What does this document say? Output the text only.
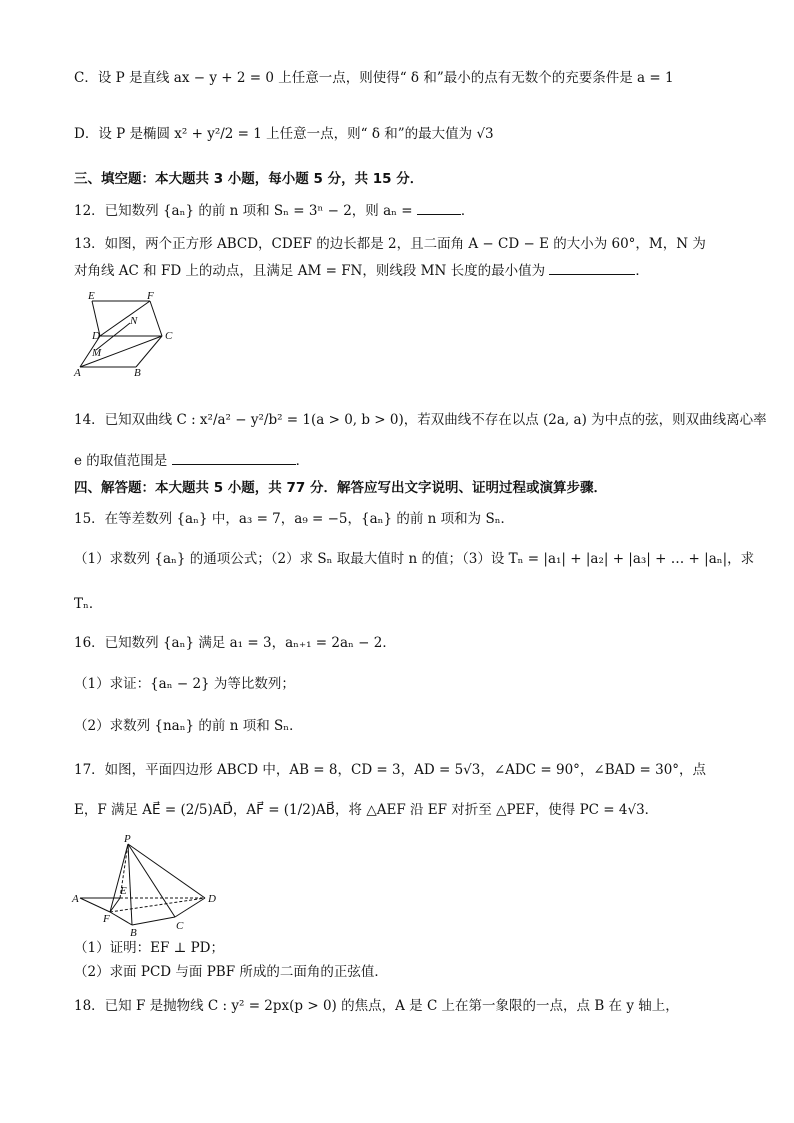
C．设 P 是直线 ax − y + 2 = 0 上任意一点，则使得“ δ 和”最小的点有无数个的充要条件是 a = 1
D．设 P 是椭圆 x² + y²/2 = 1 上任意一点，则“ δ 和”的最大值为 √3
三、填空题：本大题共 3 小题，每小题 5 分，共 15 分．
12．已知数列 {aₙ} 的前 n 项和 Sₙ = 3ⁿ − 2，则 aₙ =	．
13．如图，两个正方形 ABCD，CDEF 的边长都是 2，且二面角 A − CD − E 的大小为 60°，M，N 为
对角线 AC 和 FD 上的动点，且满足 AM = FN，则线段 MN 长度的最小值为	．
E	F
N
D	C
M
A	B
14．已知双曲线 C : x²/a² − y²/b² = 1(a > 0, b > 0)，若双曲线不存在以点 (2a, a) 为中点的弦，则双曲线离心率
e 的取值范围是	．
四、解答题：本大题共 5 小题，共 77 分．解答应写出文字说明、证明过程或演算步骤．
15．在等差数列 {aₙ} 中，a₃ = 7，a₉ = −5，{aₙ} 的前 n 项和为 Sₙ．
（1）求数列 {aₙ} 的通项公式；（2）求 Sₙ 取最大值时 n 的值；（3）设 Tₙ = |a₁| + |a₂| + |a₃| + … + |aₙ|，求
Tₙ．
16．已知数列 {aₙ} 满足 a₁ = 3，aₙ₊₁ = 2aₙ − 2．
（1）求证：{aₙ − 2} 为等比数列；
（2）求数列 {naₙ} 的前 n 项和 Sₙ．
17．如图，平面四边形 ABCD 中，AB = 8，CD = 3，AD = 5√3，∠ADC = 90°，∠BAD = 30°，点
E，F 满足 AE⃗ = (2/5)AD⃗，AF⃗ = (1/2)AB⃗，将 △AEF 沿 EF 对折至 △PEF，使得 PC = 4√3．
P
A
E
D
F
B
C
（1）证明：EF ⊥ PD；
（2）求面 PCD 与面 PBF 所成的二面角的正弦值．
18．已知 F 是抛物线 C : y² = 2px(p > 0) 的焦点，A 是 C 上在第一象限的一点，点 B 在 y 轴上，
